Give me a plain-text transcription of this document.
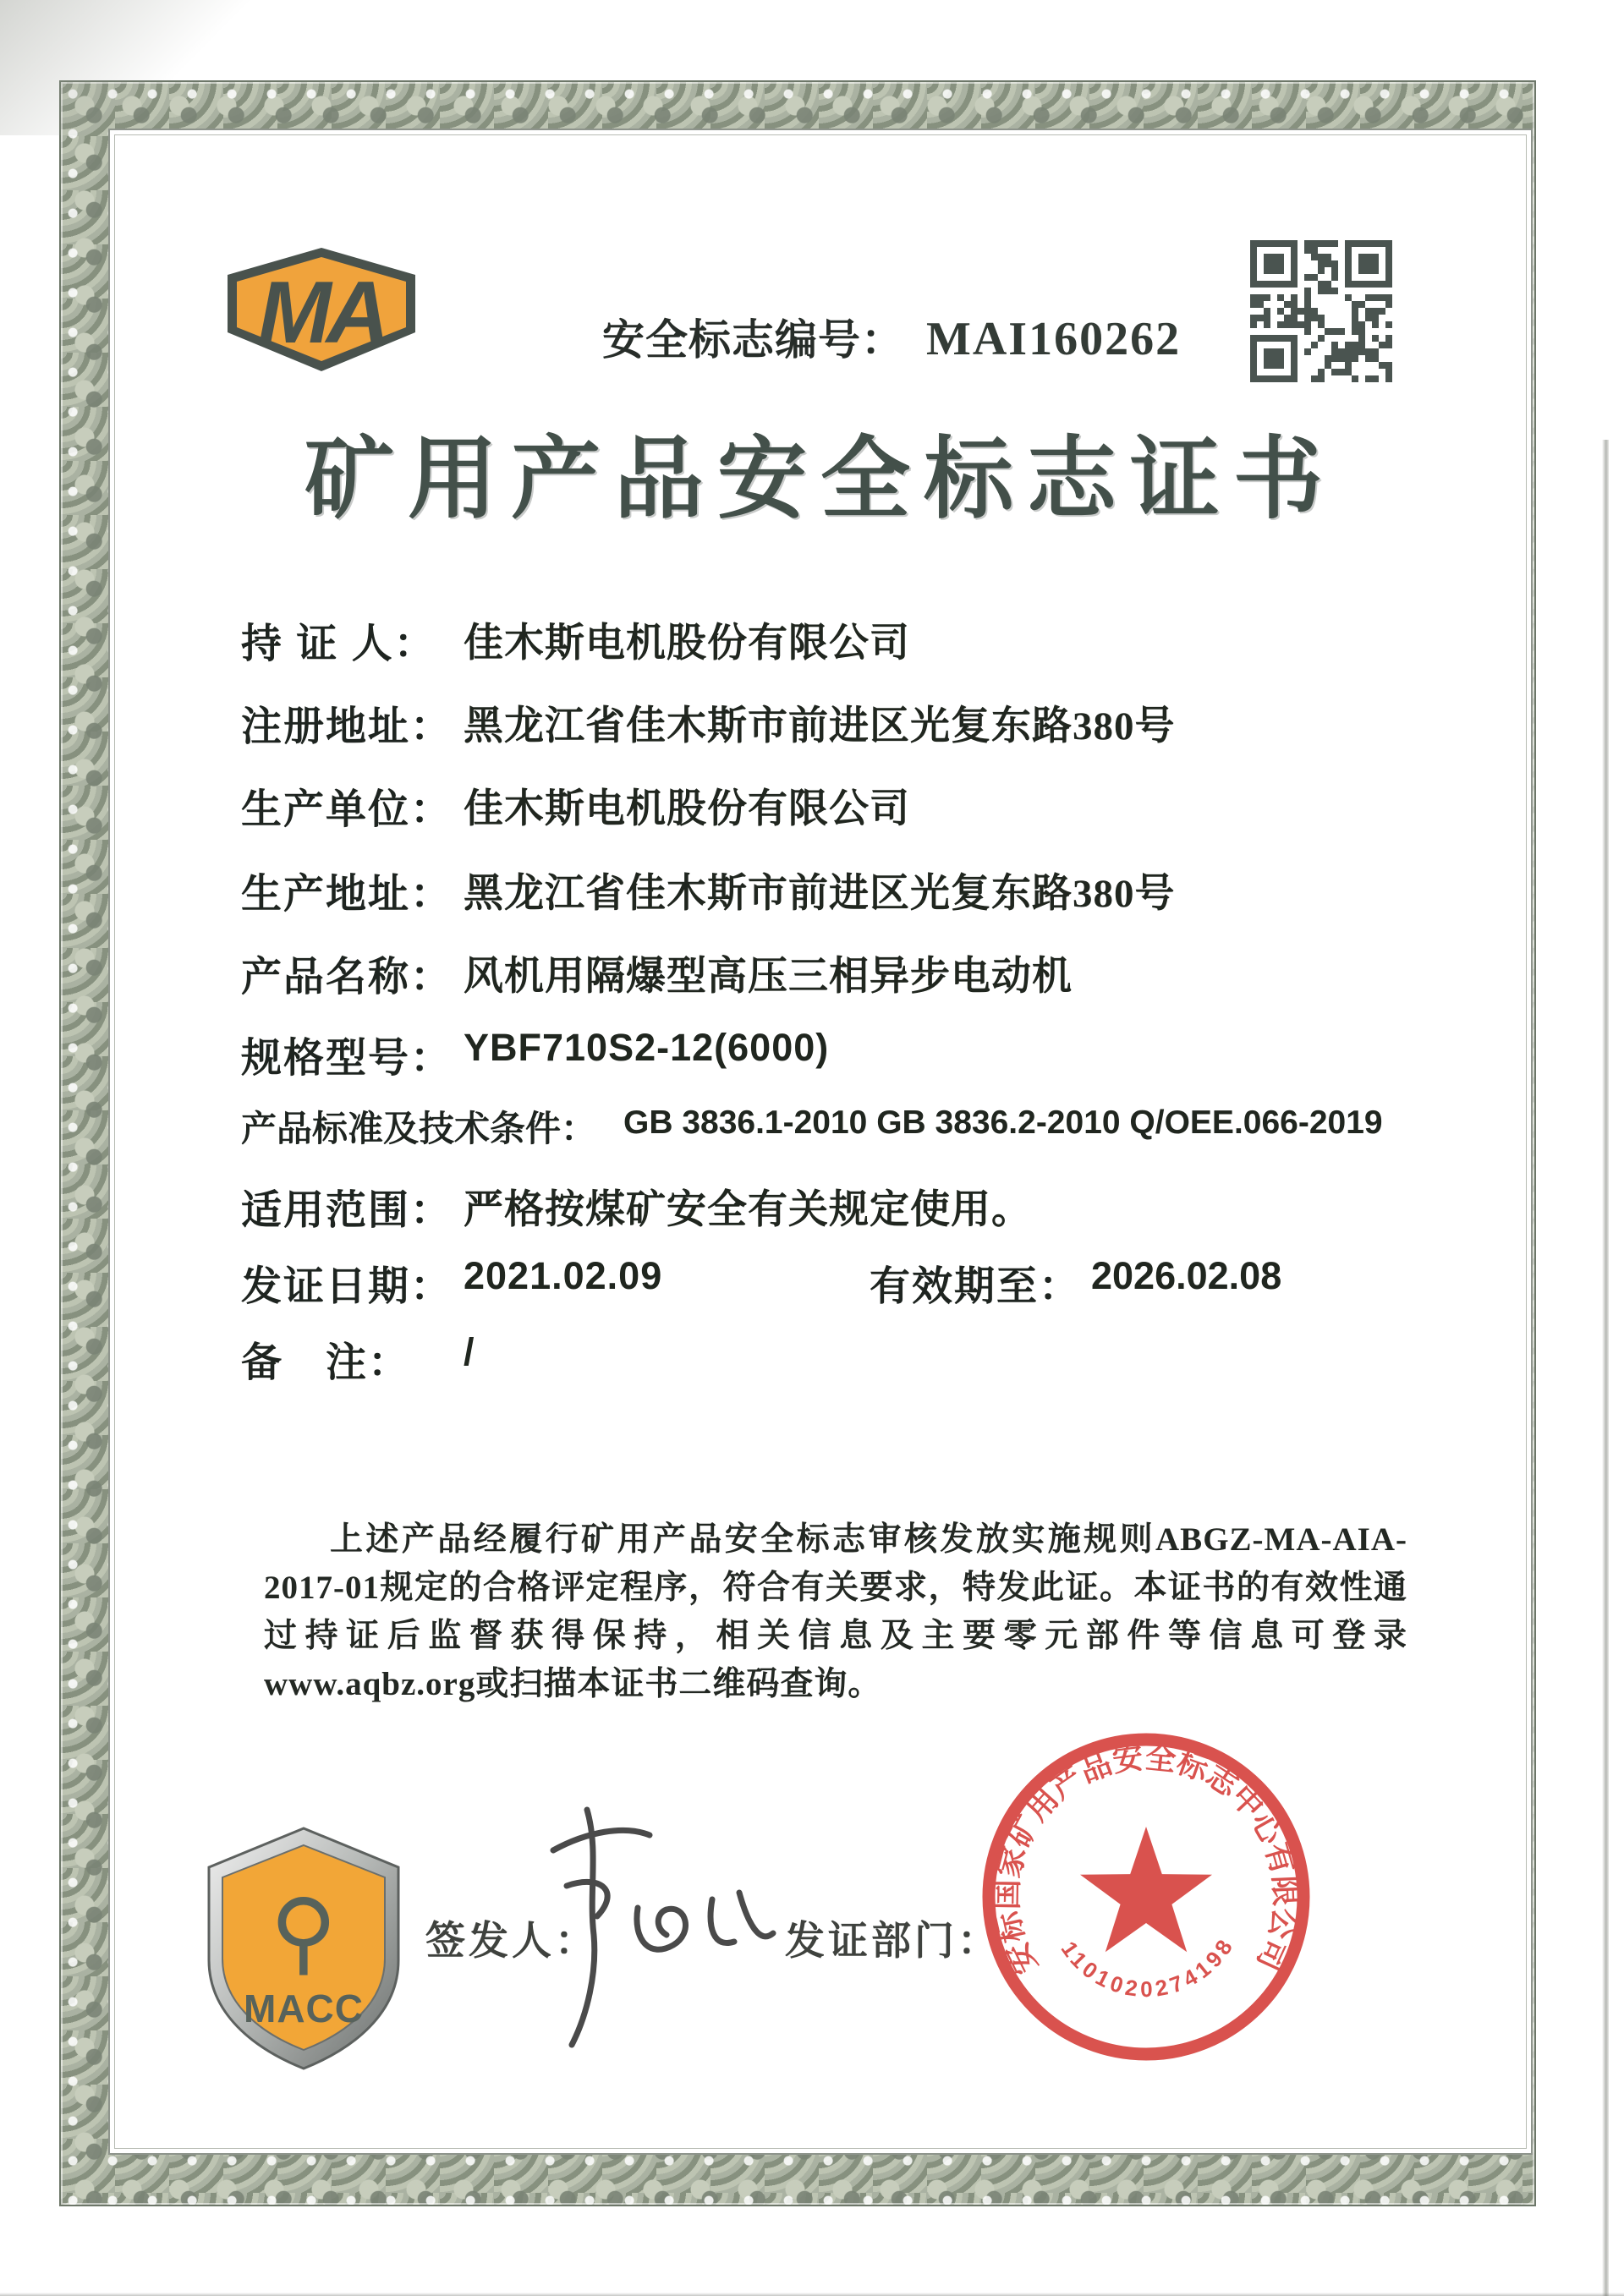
MA	安全标志编号： MAI160262
矿用产品安全标志证书
持 证 人： 佳木斯电机股份有限公司
注册地址： 黑龙江省佳木斯市前进区光复东路380号
生产单位： 佳木斯电机股份有限公司
生产地址： 黑龙江省佳木斯市前进区光复东路380号
产品名称： 风机用隔爆型高压三相异步电动机
规格型号： YBF710S2-12(6000)
产品标准及技术条件： GB 3836.1-2010 GB 3836.2-2010 Q/OEE.066-2019
适用范围： 严格按煤矿安全有关规定使用。
发证日期： 2021.02.09	有效期至： 2026.02.08
备　注： /
上述产品经履行矿用产品安全标志审核发放实施规则ABGZ-MA-AIA-2017-01规定的合格评定程序，符合有关要求，特发此证。本证书的有效性通过持证后监督获得保持，相关信息及主要零元部件等信息可登录www.aqbz.org或扫描本证书二维码查询。
⚲
MACC
签发人：	发证部门：
安标国家矿用产品安全标志中心有限公司
1101020274198
